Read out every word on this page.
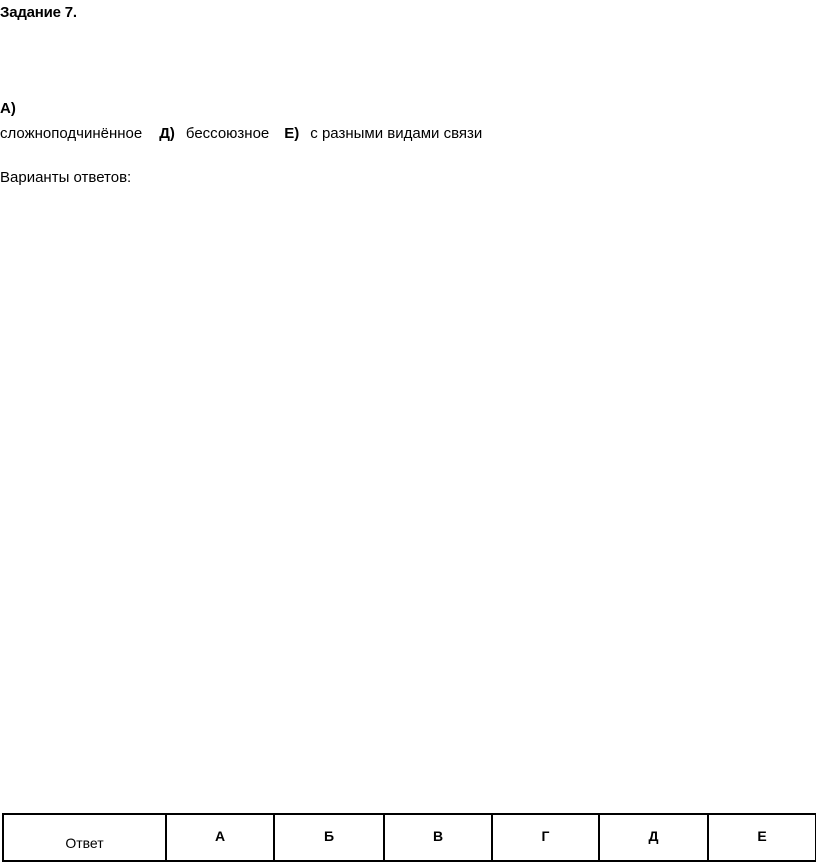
Задание 7.
А)
сложноподчинённое Д) бессоюзное Е) с разными видами связи
Варианты ответов:
Ответ	А	Б	В	Г	Д	Е
